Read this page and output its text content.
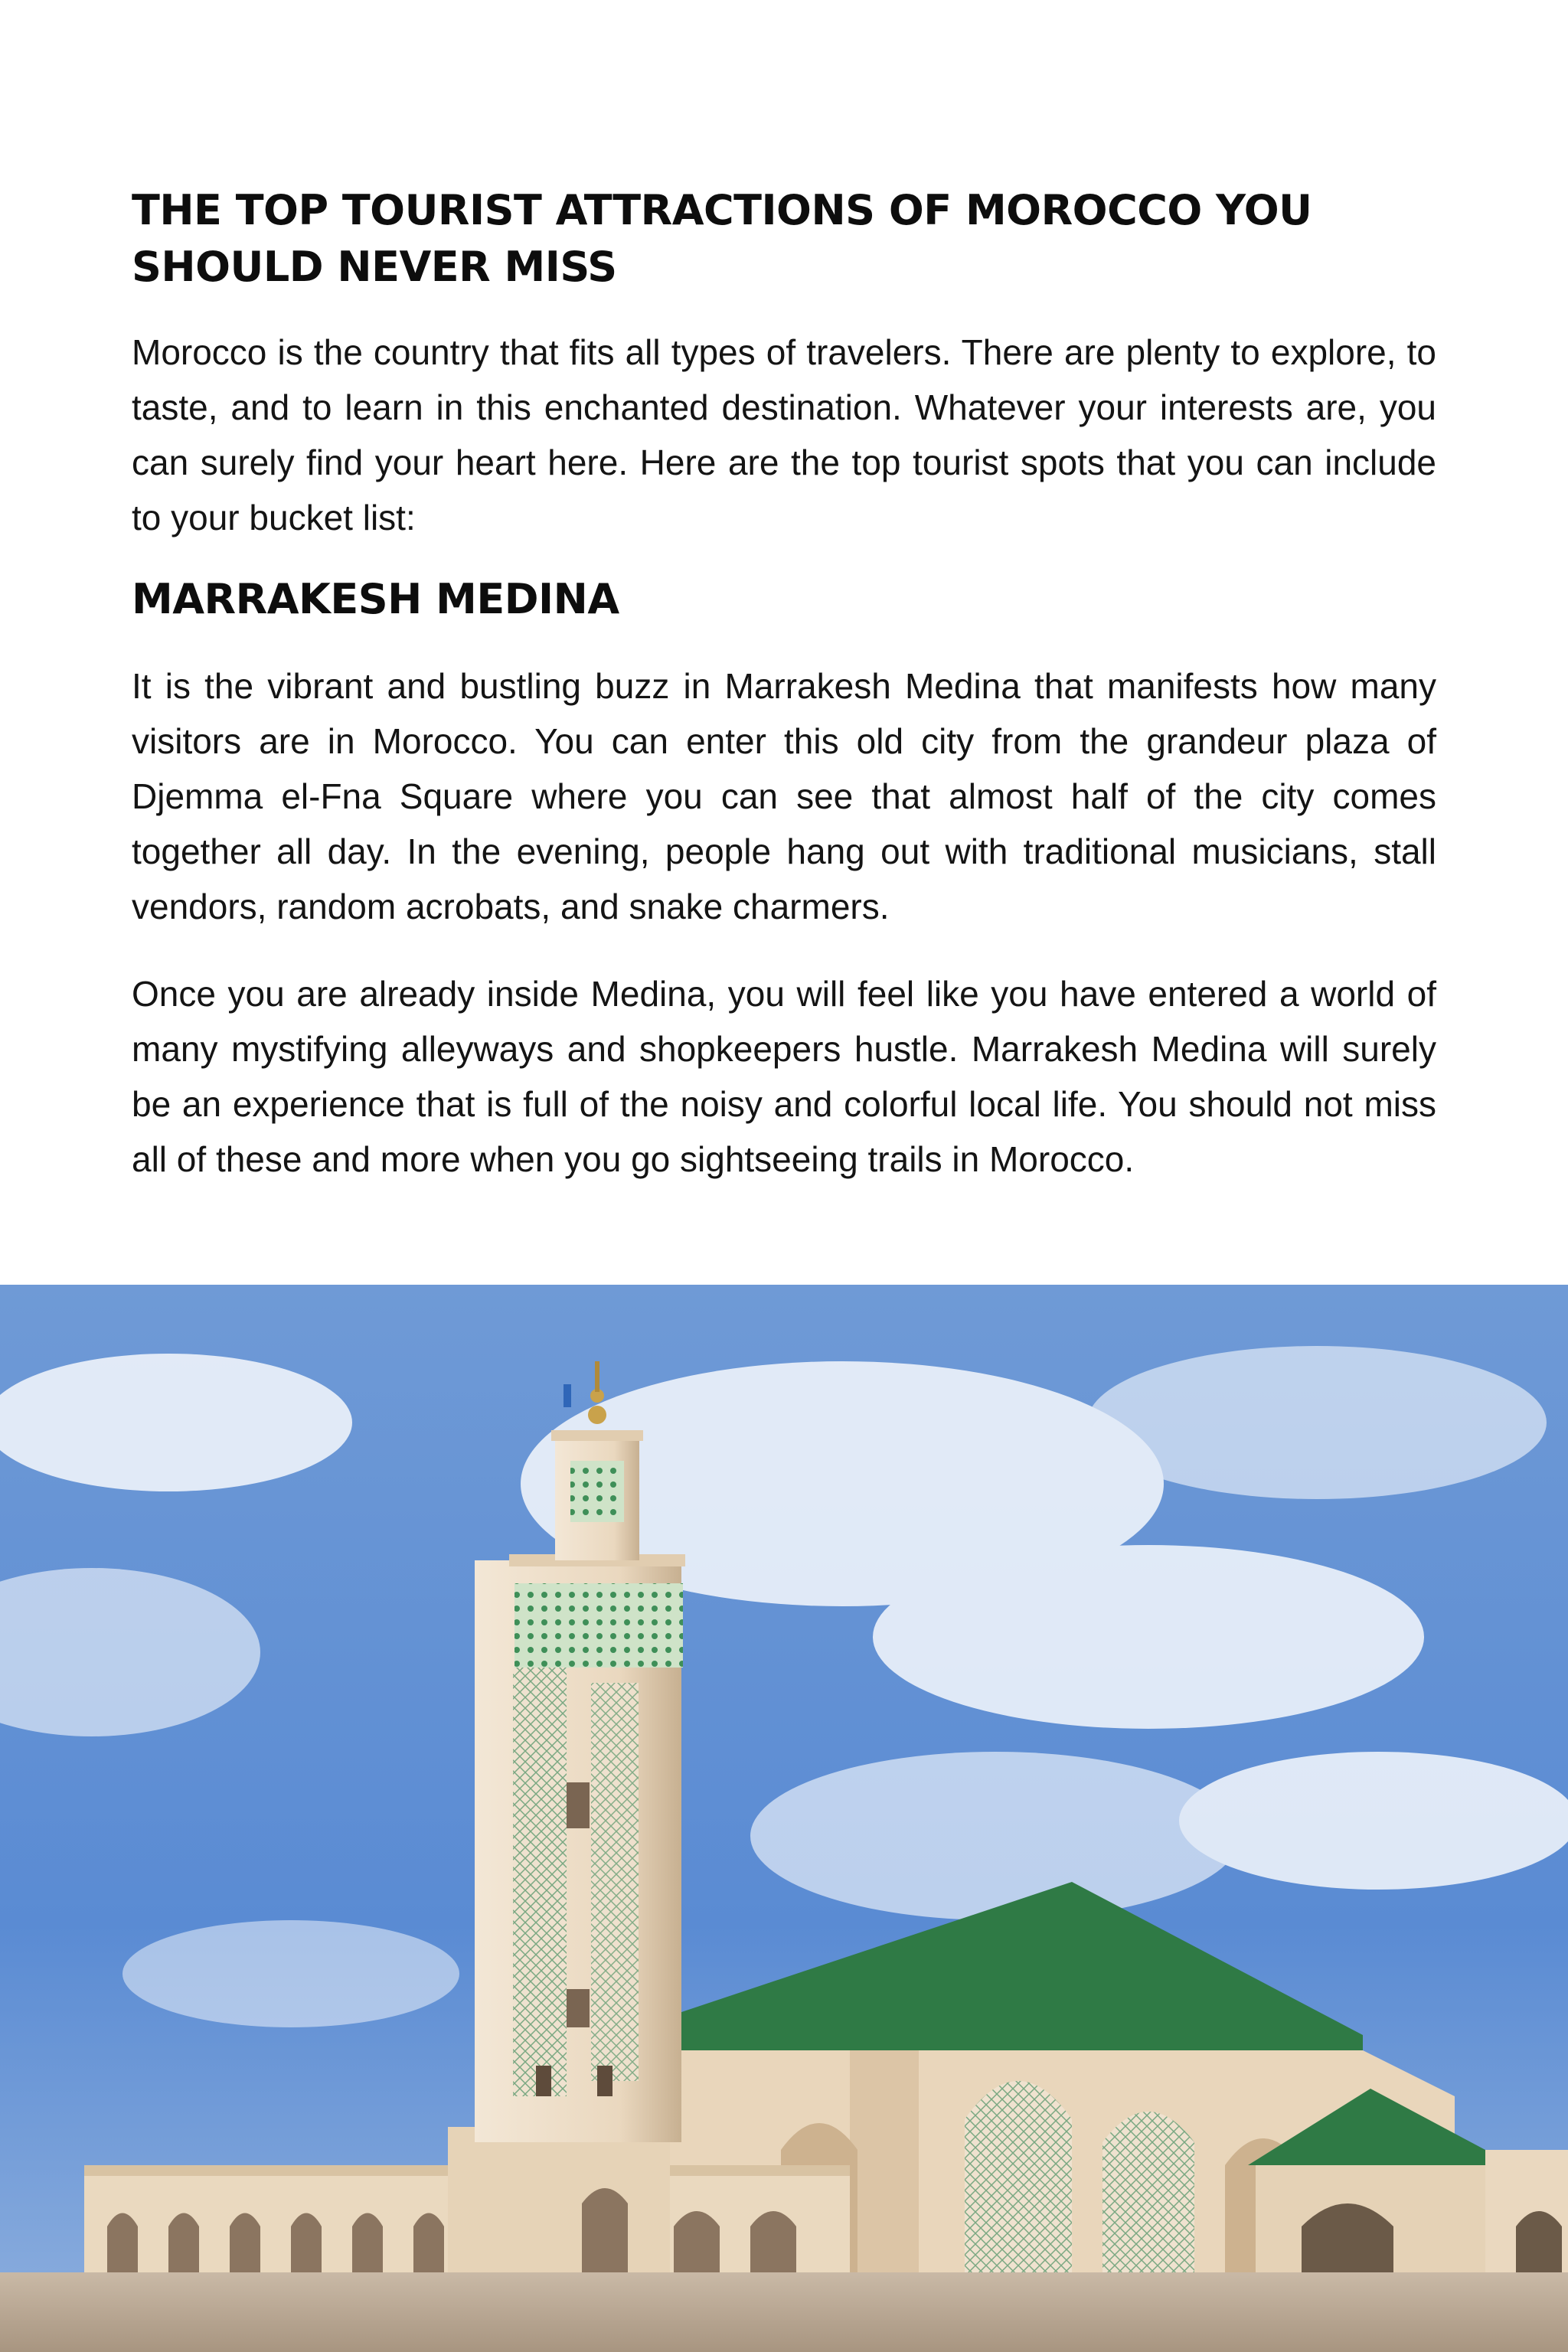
THE TOP TOURIST ATTRACTIONS OF MOROCCO YOU SHOULD NEVER MISS

Morocco is the country that fits all types of travelers. There are plenty to explore, to taste, and to learn in this enchanted destination. Whatever your interests are, you can surely find your heart here. Here are the top tourist spots that you can include to your bucket list:

MARRAKESH MEDINA

It is the vibrant and bustling buzz in Marrakesh Medina that manifests how many visitors are in Morocco. You can enter this old city from the grandeur plaza of Djemma el-Fna Square where you can see that almost half of the city comes together all day. In the evening, people hang out with traditional musicians, stall vendors, random acrobats, and snake charmers.

Once you are already inside Medina, you will feel like you have entered a world of many mystifying alleyways and shopkeepers hustle. Marrakesh Medina will surely be an experience that is full of the noisy and colorful local life. You should not miss all of these and more when you go sightseeing trails in Morocco.
